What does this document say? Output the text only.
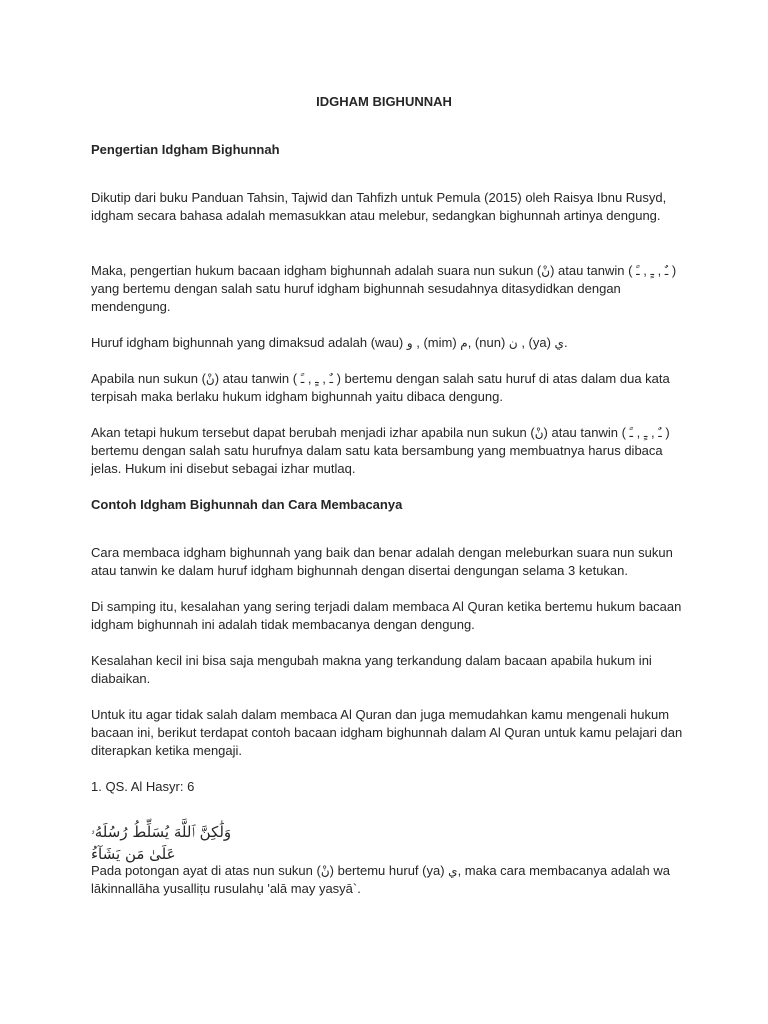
IDGHAM BIGHUNNAH

Pengertian Idgham Bighunnah

Dikutip dari buku Panduan Tahsin, Tajwid dan Tahfizh untuk Pemula (2015) oleh Raisya Ibnu Rusyd, idgham secara bahasa adalah memasukkan atau melebur, sedangkan bighunnah artinya dengung.

Maka, pengertian hukum bacaan idgham bighunnah adalah suara nun sukun (نْ) atau tanwin ( ـً , ـٍ , ـٌ ) yang bertemu dengan salah satu huruf idgham bighunnah sesudahnya ditasydidkan dengan mendengung.

Huruf idgham bighunnah yang dimaksud adalah (wau) و , (mim) م, (nun) ن , (ya) ي.

Apabila nun sukun (نْ) atau tanwin ( ـً , ـٍ , ـٌ ) bertemu dengan salah satu huruf di atas dalam dua kata terpisah maka berlaku hukum idgham bighunnah yaitu dibaca dengung.

Akan tetapi hukum tersebut dapat berubah menjadi izhar apabila nun sukun (نْ) atau tanwin ( ـً , ـٍ , ـٌ ) bertemu dengan salah satu hurufnya dalam satu kata bersambung yang membuatnya harus dibaca jelas. Hukum ini disebut sebagai izhar mutlaq.

Contoh Idgham Bighunnah dan Cara Membacanya

Cara membaca idgham bighunnah yang baik dan benar adalah dengan meleburkan suara nun sukun atau tanwin ke dalam huruf idgham bighunnah dengan disertai dengungan selama 3 ketukan.

Di samping itu, kesalahan yang sering terjadi dalam membaca Al Quran ketika bertemu hukum bacaan idgham bighunnah ini adalah tidak membacanya dengan dengung.

Kesalahan kecil ini bisa saja mengubah makna yang terkandung dalam bacaan apabila hukum ini diabaikan.

Untuk itu agar tidak salah dalam membaca Al Quran dan juga memudahkan kamu mengenali hukum bacaan ini, berikut terdapat contoh bacaan idgham bighunnah dalam Al Quran untuk kamu pelajari dan diterapkan ketika mengaji.

1. QS. Al Hasyr: 6

وَلَٰكِنَّ ٱللَّهَ يُسَلِّطُ رُسُلَهُۥ عَلَىٰ مَن يَشَآءُ

Pada potongan ayat di atas nun sukun (نْ) bertemu huruf (ya) ي, maka cara membacanya adalah wa lākinnallāha yusalliṭu rusulahụ 'alā may yasyā`.
